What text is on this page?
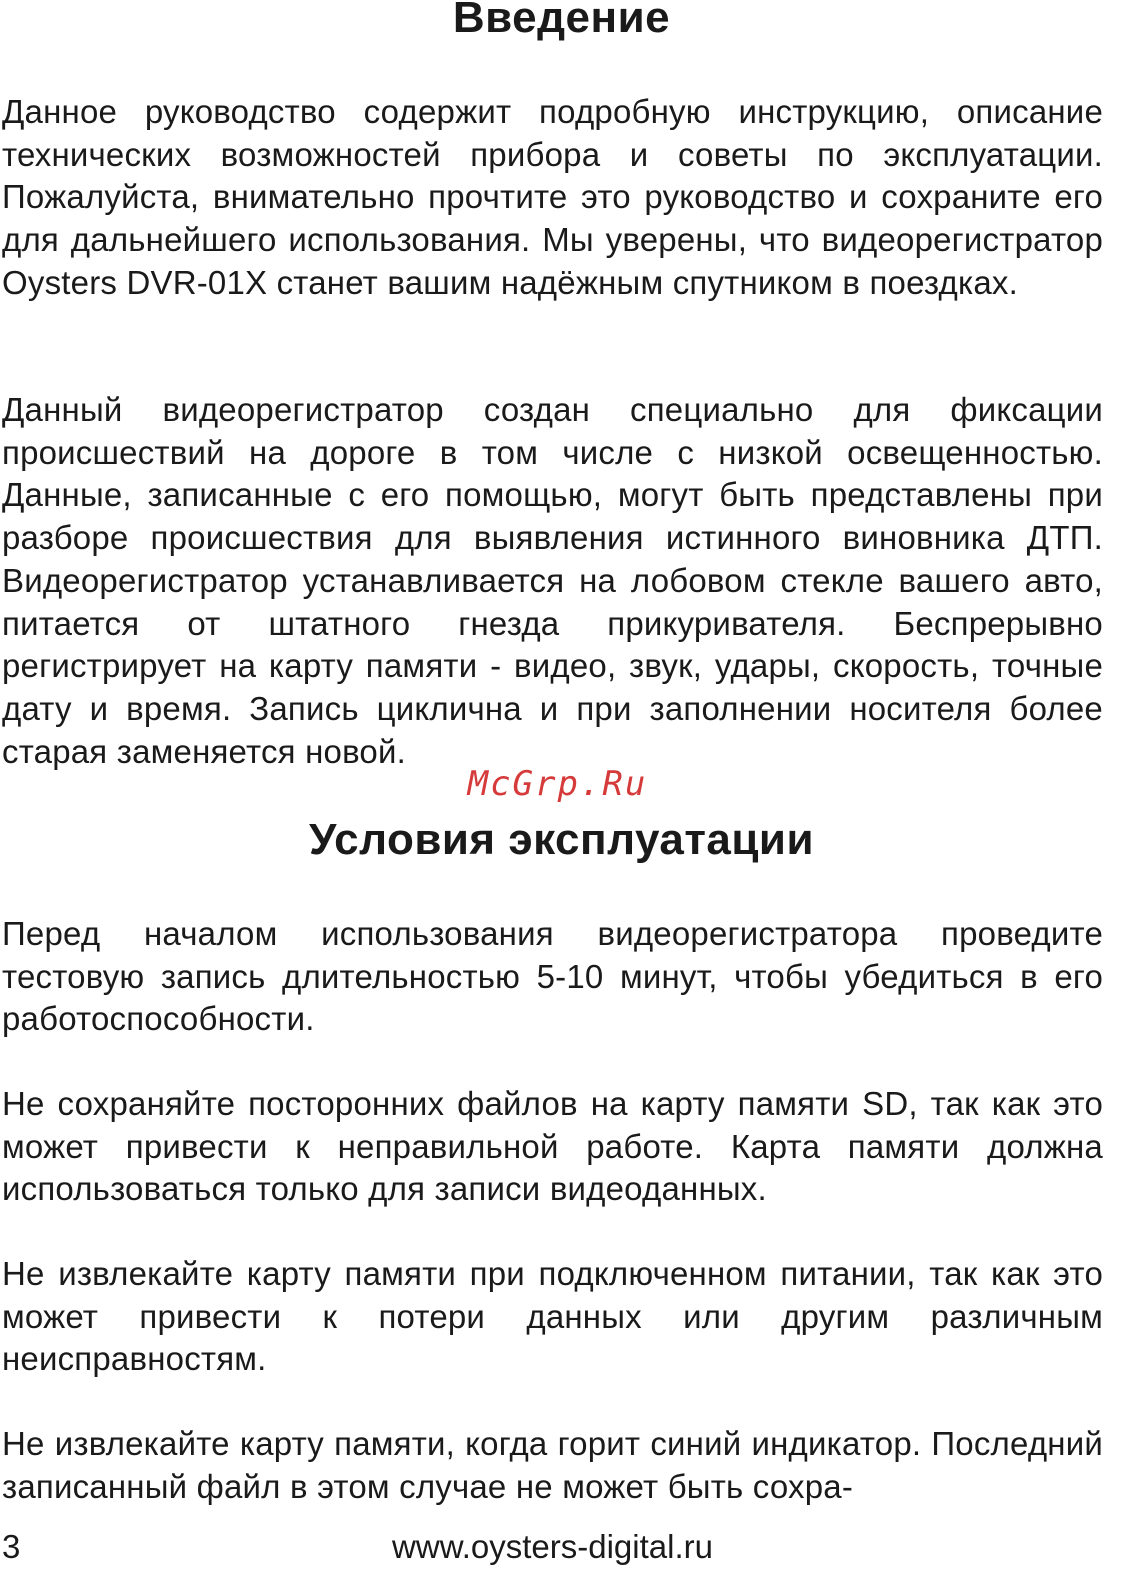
Введение

Данное руководство содержит подробную инструкцию, описание технических возможностей прибора и советы по эксплуатации. Пожалуйста, внимательно прочтите это руководство и сохраните его для дальнейшего использования. Мы уверены, что видеорегистратор Oysters DVR-01X станет вашим надёжным спутником в поездках.

Данный видеорегистратор создан специально для фиксации происшествий на дороге в том числе с низкой освещенностью. Данные, записанные с его помощью, могут быть представлены при разборе происшествия для выявления истинного виновника ДТП. Видеорегистратор устанавливается на лобовом стекле вашего авто, питается от штатного гнезда прикуривателя. Беспрерывно регистрирует на карту памяти - видео, звук, удары, скорость, точные дату и время. Запись циклична и при заполнении носителя более старая заменяется новой.

McGrp.Ru
Условия эксплуатации

Перед началом использования видеорегистратора проведите тестовую запись длительностью 5-10 минут, чтобы убедиться в его работоспособности.

Не сохраняйте посторонних файлов на карту памяти SD, так как это может привести к неправильной работе. Карта памяти должна использоваться только для записи видеоданных.

Не извлекайте карту памяти при подключенном питании, так как это может привести к потери данных или другим различным неисправностям.

Не извлекайте карту памяти, когда горит синий индикатор. Последний записанный файл в этом случае не может быть сохра-

3	www.oysters-digital.ru
